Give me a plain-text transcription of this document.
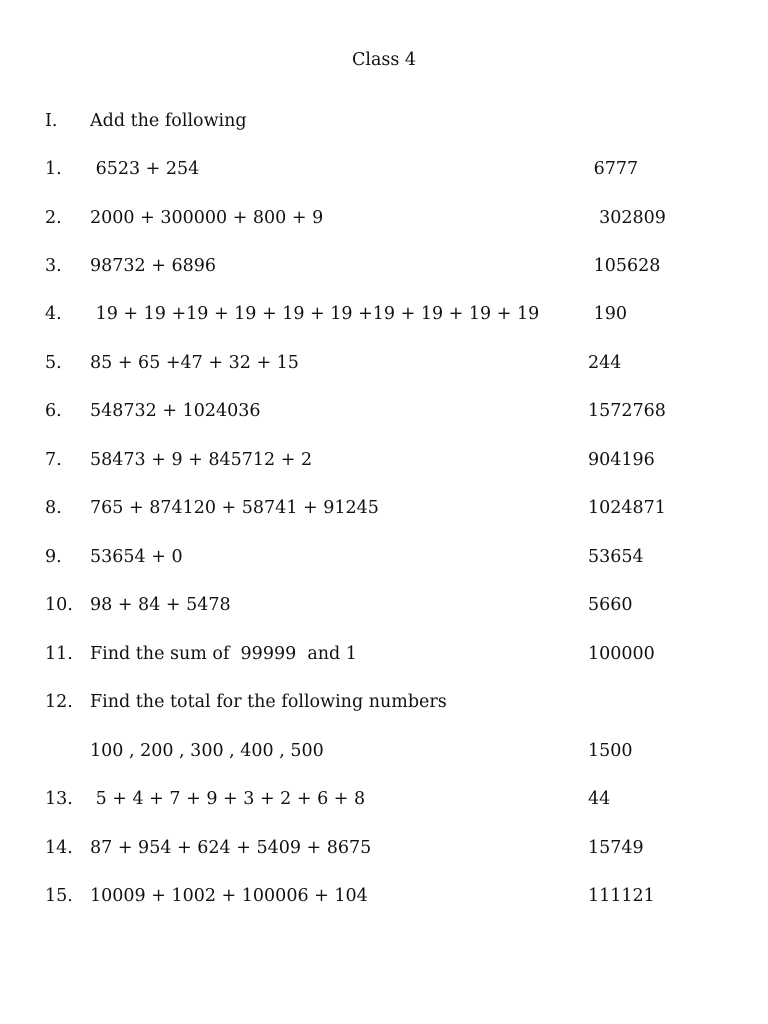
Class 4
I. Add the following
1. 6523 + 254	6777
2. 2000 + 300000 + 800 + 9	302809
3. 98732 + 6896	105628
4. 19 + 19 +19 + 19 + 19 + 19 +19 + 19 + 19 + 19	190
5. 85 + 65 +47 + 32 + 15	244
6. 548732 + 1024036	1572768
7. 58473 + 9 + 845712 + 2	904196
8. 765 + 874120 + 58741 + 91245	1024871
9. 53654 + 0	53654
10. 98 + 84 + 5478	5660
11. Find the sum of  99999  and 1	100000
12. Find the total for the following numbers
100 , 200 , 300 , 400 , 500	1500
13. 5 + 4 + 7 + 9 + 3 + 2 + 6 + 8	44
14. 87 + 954 + 624 + 5409 + 8675	15749
15. 10009 + 1002 + 100006 + 104	111121
